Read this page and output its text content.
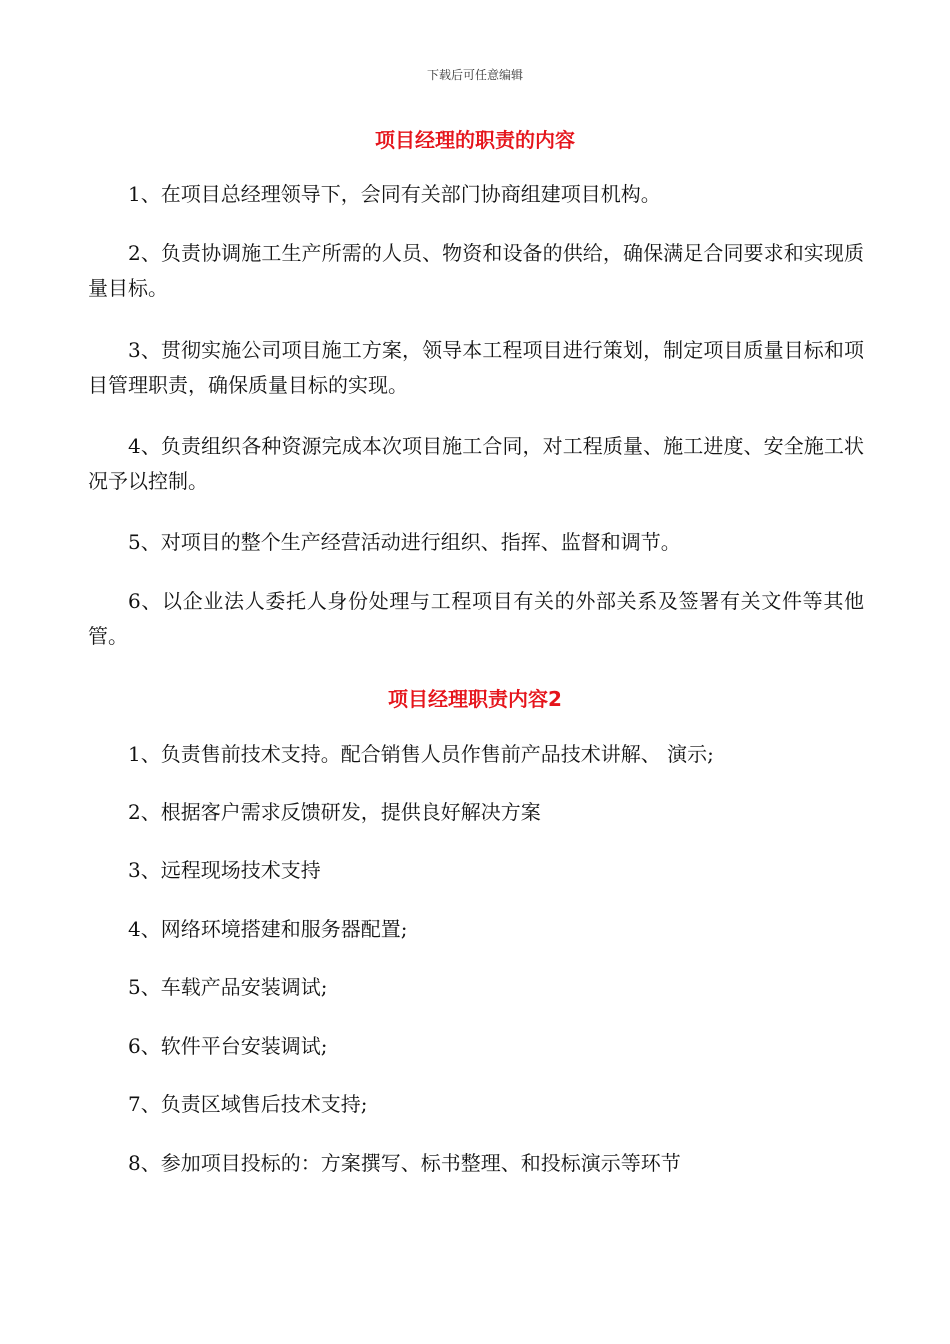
下载后可任意编辑
项目经理的职责的内容
1、在项目总经理领导下，会同有关部门协商组建项目机构。
2、负责协调施工生产所需的人员、物资和设备的供给，确保满足合同要求和实现质量目标。
3、贯彻实施公司项目施工方案，领导本工程项目进行策划，制定项目质量目标和项目管理职责，确保质量目标的实现。
4、负责组织各种资源完成本次项目施工合同，对工程质量、施工进度、安全施工状况予以控制。
5、对项目的整个生产经营活动进行组织、指挥、监督和调节。
6、以企业法人委托人身份处理与工程项目有关的外部关系及签署有关文件等其他管。
项目经理职责内容2
1、负责售前技术支持。配合销售人员作售前产品技术讲解、 演示;
2、根据客户需求反馈研发，提供良好解决方案
3、远程现场技术支持
4、网络环境搭建和服务器配置;
5、车载产品安装调试;
6、软件平台安装调试;
7、负责区域售后技术支持;
8、参加项目投标的：方案撰写、标书整理、和投标演示等环节
